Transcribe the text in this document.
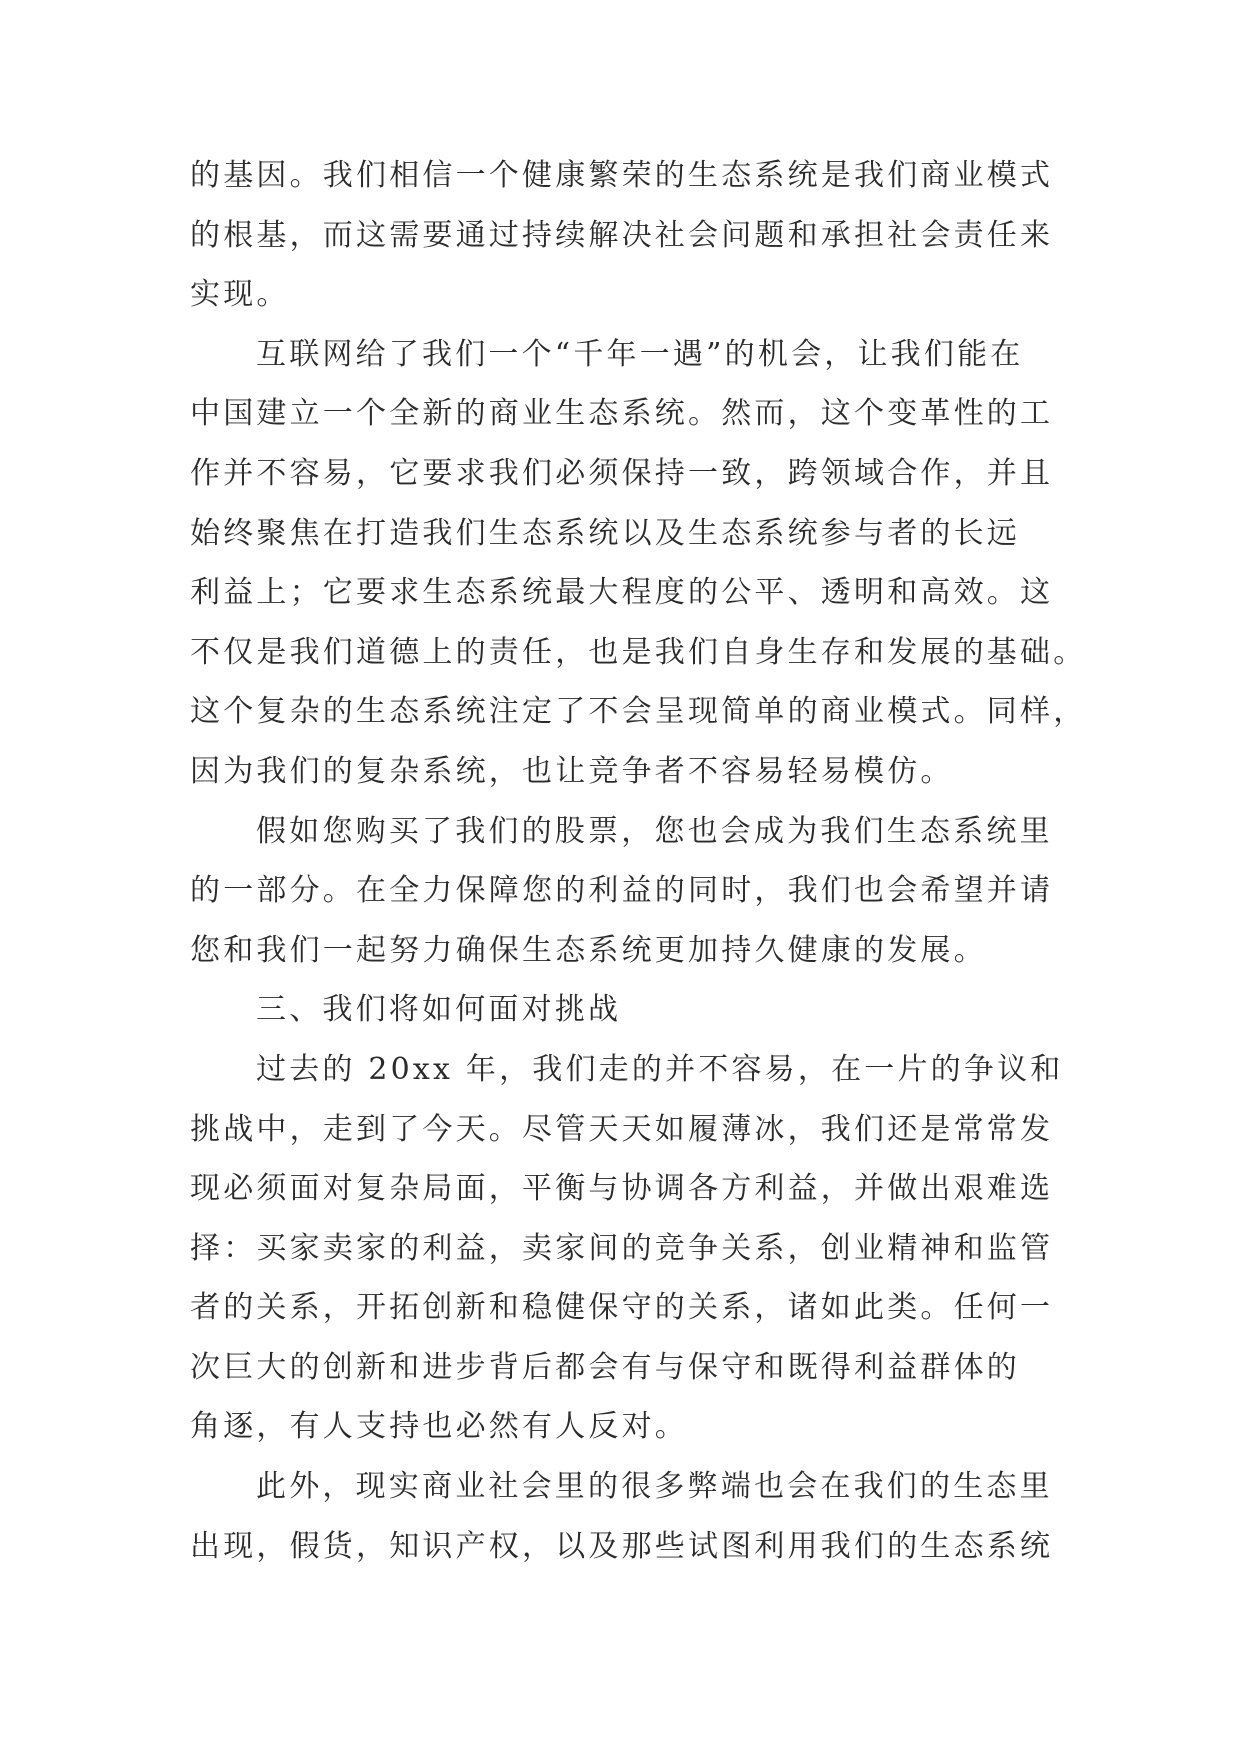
的基因。我们相信一个健康繁荣的生态系统是我们商业模式
的根基，而这需要通过持续解决社会问题和承担社会责任来
实现。
互联网给了我们一个“千年一遇”的机会，让我们能在
中国建立一个全新的商业生态系统。然而，这个变革性的工
作并不容易，它要求我们必须保持一致，跨领域合作，并且
始终聚焦在打造我们生态系统以及生态系统参与者的长远
利益上；它要求生态系统最大程度的公平、透明和高效。这
不仅是我们道德上的责任，也是我们自身生存和发展的基础。
这个复杂的生态系统注定了不会呈现简单的商业模式。同样，
因为我们的复杂系统，也让竞争者不容易轻易模仿。
假如您购买了我们的股票，您也会成为我们生态系统里
的一部分。在全力保障您的利益的同时，我们也会希望并请
您和我们一起努力确保生态系统更加持久健康的发展。
三、我们将如何面对挑战
过去的 20xx 年，我们走的并不容易，在一片的争议和
挑战中，走到了今天。尽管天天如履薄冰，我们还是常常发
现必须面对复杂局面，平衡与协调各方利益，并做出艰难选
择：买家卖家的利益，卖家间的竞争关系，创业精神和监管
者的关系，开拓创新和稳健保守的关系，诸如此类。任何一
次巨大的创新和进步背后都会有与保守和既得利益群体的
角逐，有人支持也必然有人反对。
此外，现实商业社会里的很多弊端也会在我们的生态里
出现，假货，知识产权，以及那些试图利用我们的生态系统
